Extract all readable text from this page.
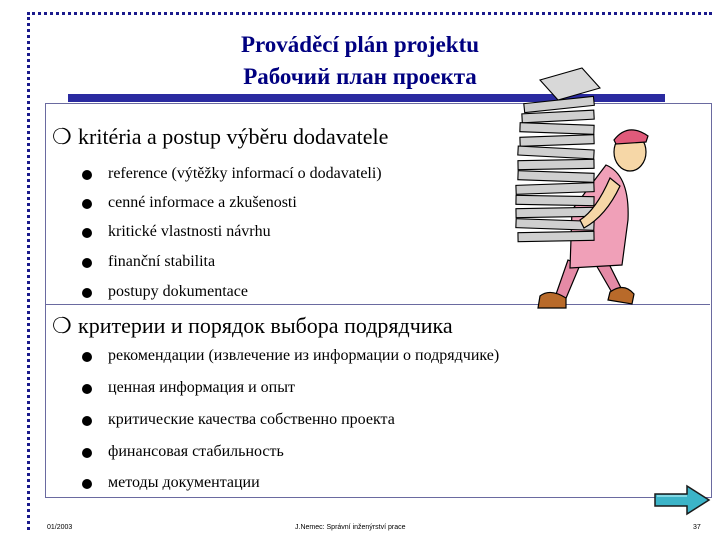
Prováděcí plán projektu
Рабочий план проекта
❍ kritéria a postup výběru dodavatele
reference (výtěžky informací o dodavateli)
cenné informace a zkušenosti
kritické vlastnosti návrhu
finanční stabilita
postupy dokumentace
❍ критерии и порядок выбора подрядчика
рекомендации (извлечение из информации о подрядчике)
ценная информация и опыт
критические качества собственно проекта
финансовая стабильность
методы документации
01/2003	J.Nemec: Správní inženýrství prace	37
